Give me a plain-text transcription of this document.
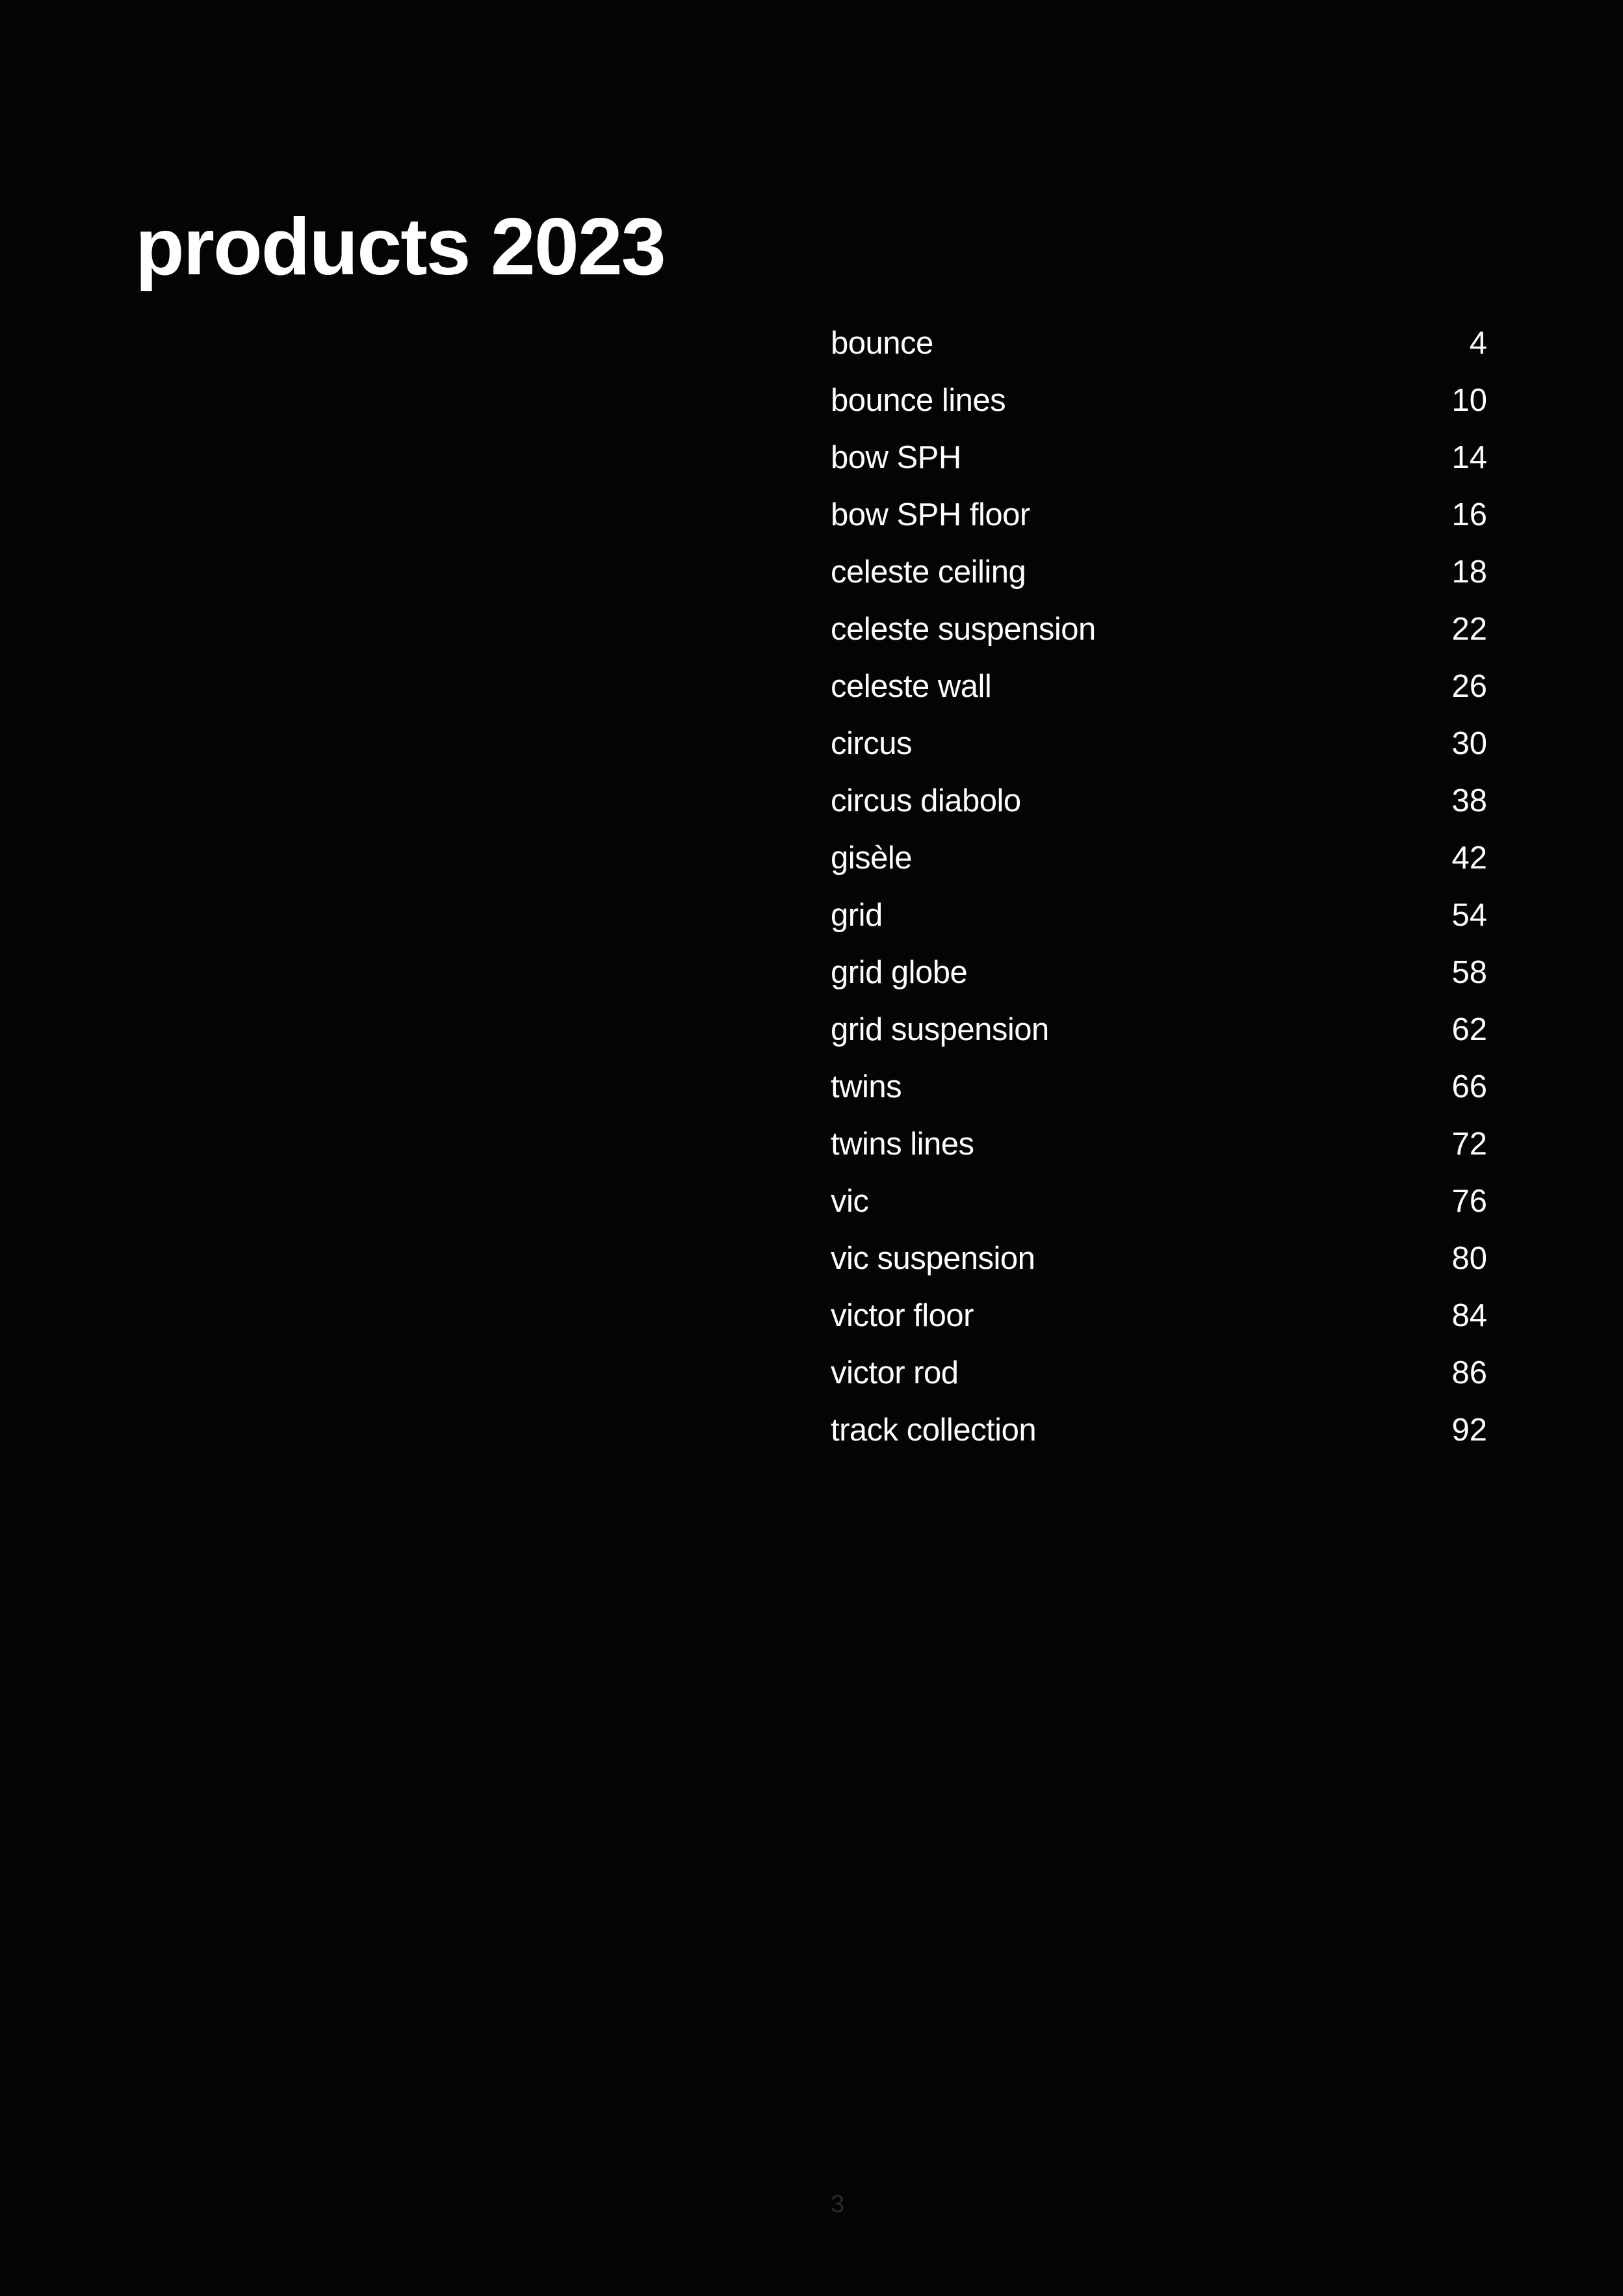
products 2023
bounce	4
bounce lines	10
bow SPH	14
bow SPH floor	16
celeste ceiling	18
celeste suspension	22
celeste wall	26
circus	30
circus diabolo	38
gisèle	42
grid	54
grid globe	58
grid suspension	62
twins	66
twins lines	72
vic	76
vic suspension	80
victor floor	84
victor rod	86
track collection	92
3
